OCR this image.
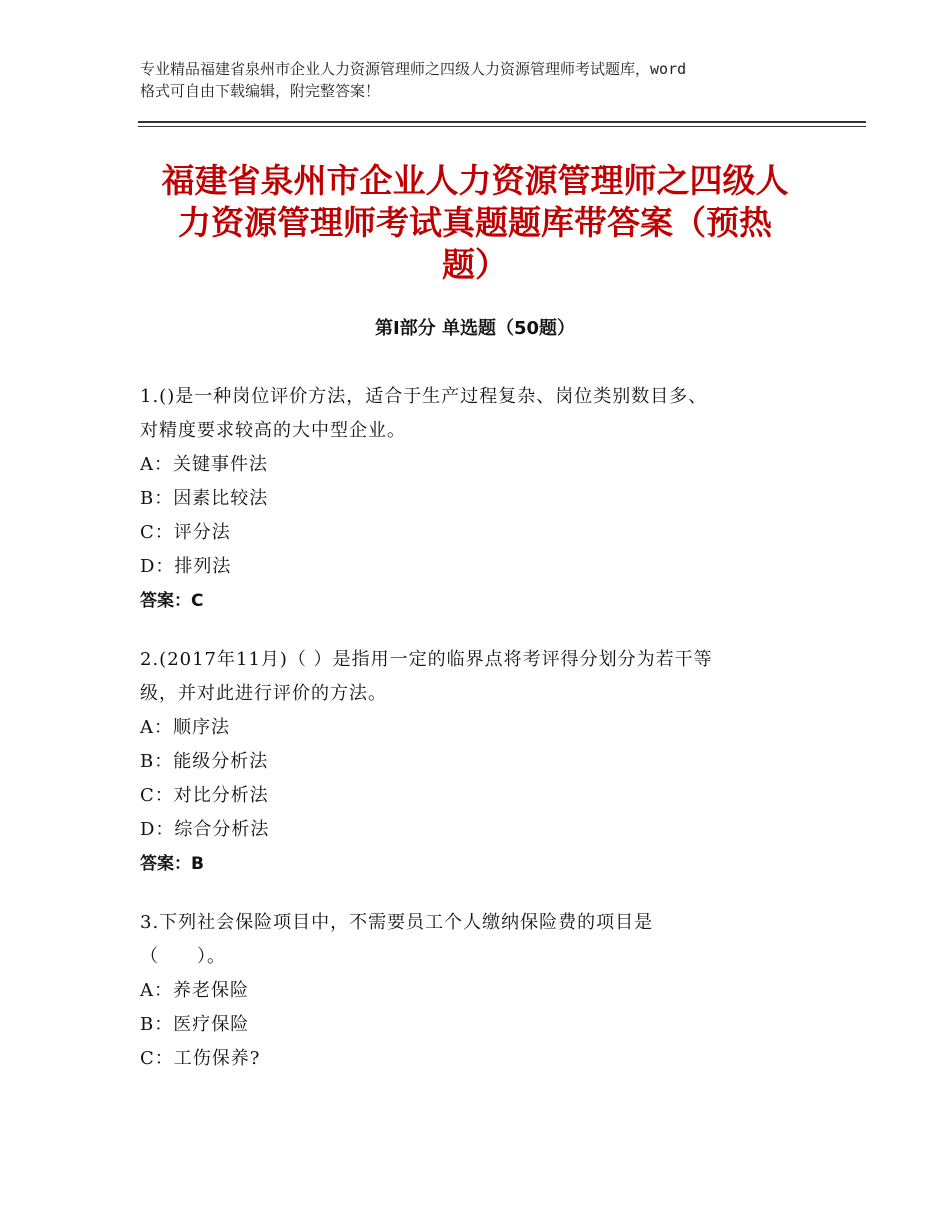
专业精品福建省泉州市企业人力资源管理师之四级人力资源管理师考试题库，word
格式可自由下载编辑，附完整答案！
福建省泉州市企业人力资源管理师之四级人
力资源管理师考试真题题库带答案（预热
题）
第Ⅰ部分 单选题（50题）
1.()是一种岗位评价方法，适合于生产过程复杂、岗位类别数目多、
对精度要求较高的大中型企业。
A：关键事件法
B：因素比较法
C：评分法
D：排列法
答案：C
2.(2017年11月)（ ）是指用一定的临界点将考评得分划分为若干等
级，并对此进行评价的方法。
A：顺序法
B：能级分析法
C：对比分析法
D：综合分析法
答案：B
3.下列社会保险项目中，不需要员工个人缴纳保险费的项目是
（　　）。
A：养老保险
B：医疗保险
C：工伤保养?
